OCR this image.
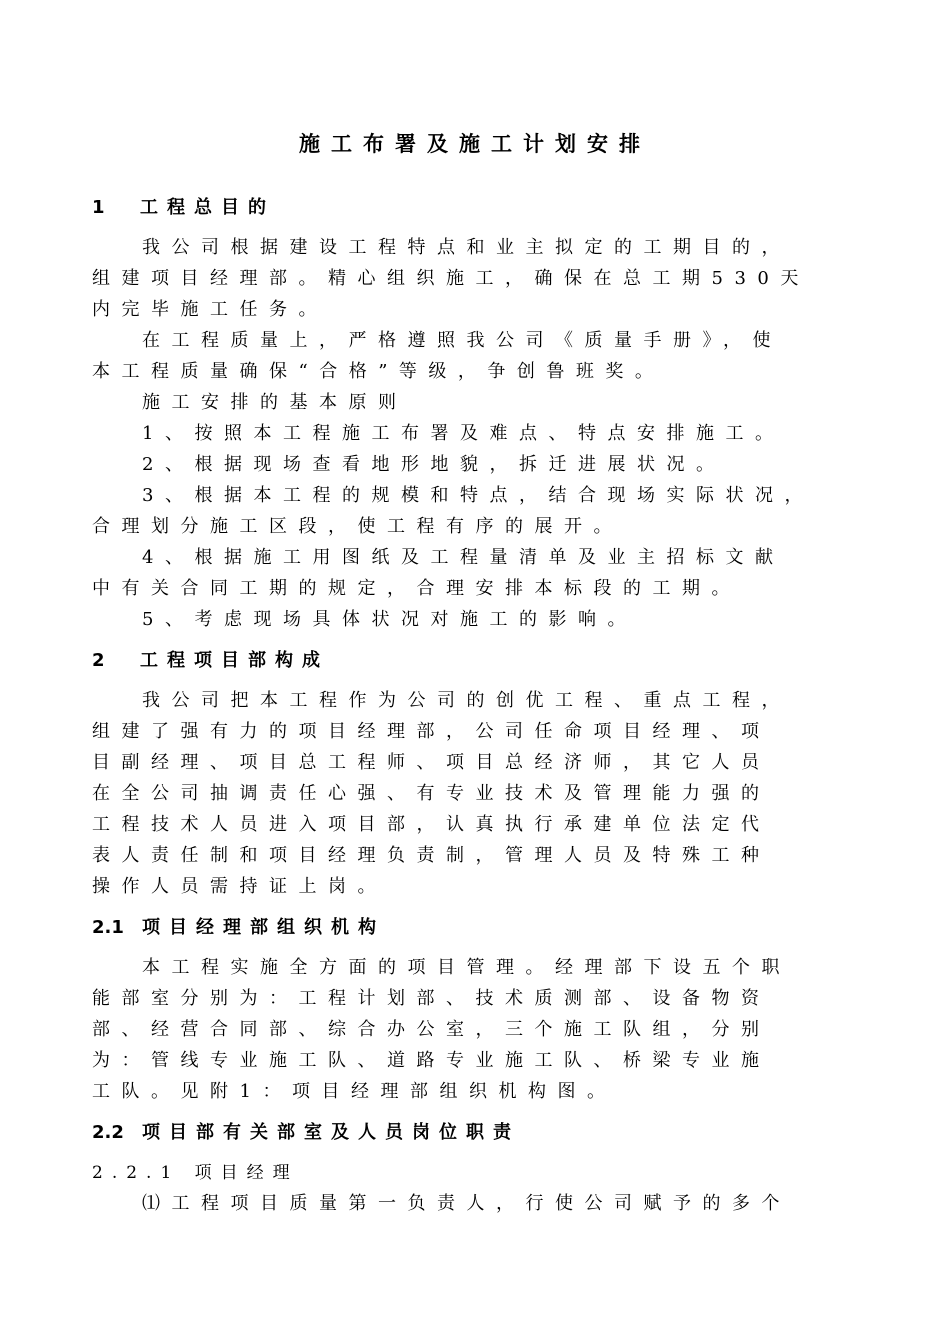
施工布署及施工计划安排
1 工程总目的
我公司根据建设工程特点和业主拟定的工期目的，
组建项目经理部。精心组织施工，确保在总工期530天
内完毕施工任务。
在工程质量上，严格遵照我公司《质量手册》，使
本工程质量确保“合格”等级，争创鲁班奖。
施工安排的基本原则
1、按照本工程施工布署及难点、特点安排施工。
2、根据现场查看地形地貌，拆迁进展状况。
3、根据本工程的规模和特点，结合现场实际状况，
合理划分施工区段，使工程有序的展开。
4、根据施工用图纸及工程量清单及业主招标文献
中有关合同工期的规定，合理安排本标段的工期。
5、考虑现场具体状况对施工的影响。
2 工程项目部构成
我公司把本工程作为公司的创优工程、重点工程，
组建了强有力的项目经理部，公司任命项目经理、项
目副经理、项目总工程师、项目总经济师，其它人员
在全公司抽调责任心强、有专业技术及管理能力强的
工程技术人员进入项目部，认真执行承建单位法定代
表人责任制和项目经理负责制，管理人员及特殊工种
操作人员需持证上岗。
2.1 项目经理部组织机构
本工程实施全方面的项目管理。经理部下设五个职
能部室分别为：工程计划部、技术质测部、设备物资
部、经营合同部、综合办公室，三个施工队组，分别
为：管线专业施工队、道路专业施工队、桥梁专业施
工队。见附1：项目经理部组织机构图。
2.2 项目部有关部室及人员岗位职责
2.2.1 项目经理
⑴工程项目质量第一负责人，行使公司赋予的多个
